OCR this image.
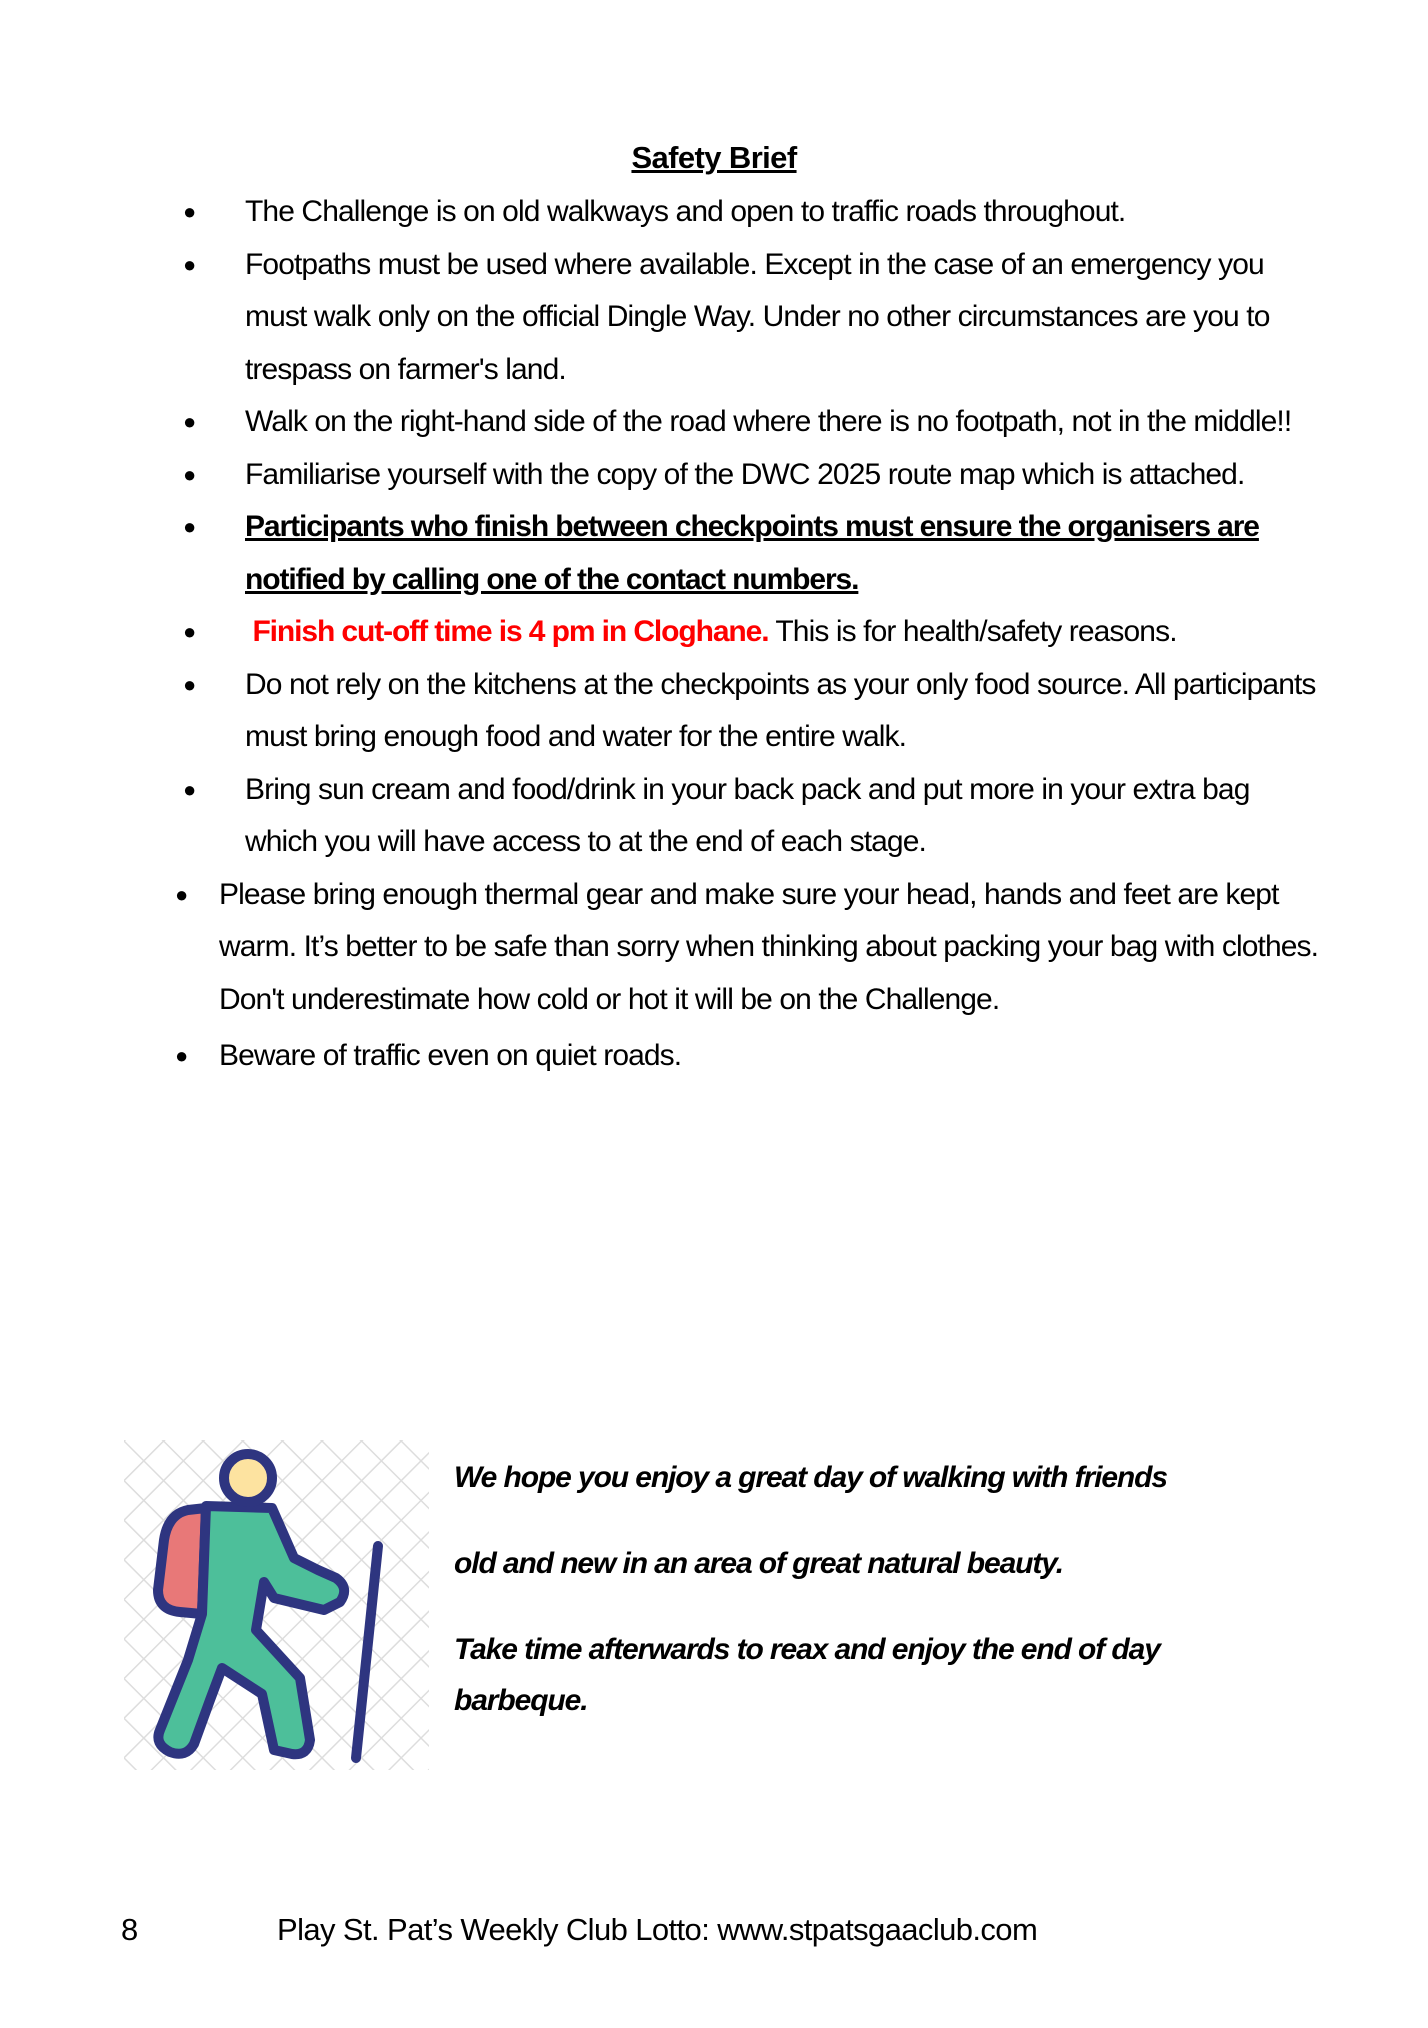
Safety Brief
● The Challenge is on old walkways and open to traffic roads throughout.
● Footpaths must be used where available. Except in the case of an emergency you must walk only on the official Dingle Way. Under no other circumstances are you to trespass on farmer's land.
● Walk on the right-hand side of the road where there is no footpath, not in the middle!!
● Familiarise yourself with the copy of the DWC 2025 route map which is attached.
● Participants who finish between checkpoints must ensure the organisers are notified by calling one of the contact numbers.
● Finish cut-off time is 4 pm in Cloghane. This is for health/safety reasons.
● Do not rely on the kitchens at the checkpoints as your only food source. All participants must bring enough food and water for the entire walk.
● Bring sun cream and food/drink in your back pack and put more in your extra bag which you will have access to at the end of each stage.
● Please bring enough thermal gear and make sure your head, hands and feet are kept warm. It’s better to be safe than sorry when thinking about packing your bag with clothes. Don't underestimate how cold or hot it will be on the Challenge.
● Beware of traffic even on quiet roads.

We hope you enjoy a great day of walking with friends

old and new in an area of great natural beauty.

Take time afterwards to reax and enjoy the end of day

barbeque.

8	Play St. Pat’s Weekly Club Lotto: www.stpatsgaaclub.com
